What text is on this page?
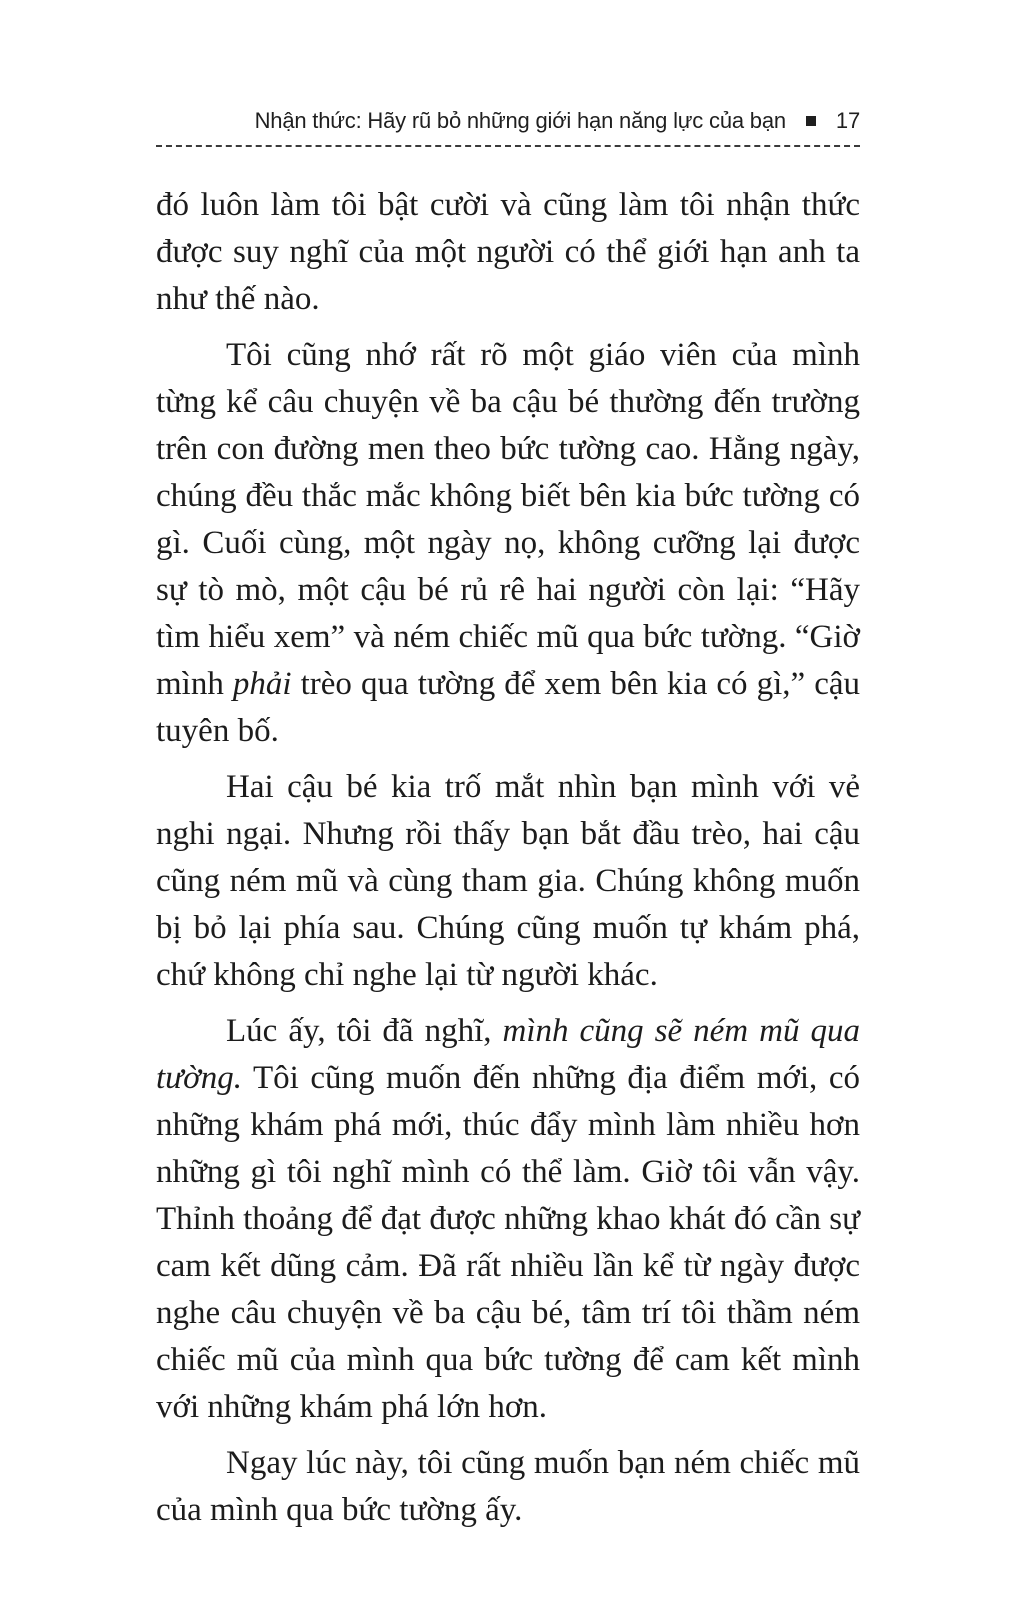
Nhận thức: Hãy rũ bỏ những giới hạn năng lực của bạn 17

đó luôn làm tôi bật cười và cũng làm tôi nhận thức được suy nghĩ của một người có thể giới hạn anh ta như thế nào.

Tôi cũng nhớ rất rõ một giáo viên của mình từng kể câu chuyện về ba cậu bé thường đến trường trên con đường men theo bức tường cao. Hằng ngày, chúng đều thắc mắc không biết bên kia bức tường có gì. Cuối cùng, một ngày nọ, không cưỡng lại được sự tò mò, một cậu bé rủ rê hai người còn lại: “Hãy tìm hiểu xem” và ném chiếc mũ qua bức tường. “Giờ mình phải trèo qua tường để xem bên kia có gì,” cậu tuyên bố.

Hai cậu bé kia trố mắt nhìn bạn mình với vẻ nghi ngại. Nhưng rồi thấy bạn bắt đầu trèo, hai cậu cũng ném mũ và cùng tham gia. Chúng không muốn bị bỏ lại phía sau. Chúng cũng muốn tự khám phá, chứ không chỉ nghe lại từ người khác.

Lúc ấy, tôi đã nghĩ, mình cũng sẽ ném mũ qua tường. Tôi cũng muốn đến những địa điểm mới, có những khám phá mới, thúc đẩy mình làm nhiều hơn những gì tôi nghĩ mình có thể làm. Giờ tôi vẫn vậy. Thỉnh thoảng để đạt được những khao khát đó cần sự cam kết dũng cảm. Đã rất nhiều lần kể từ ngày được nghe câu chuyện về ba cậu bé, tâm trí tôi thầm ném chiếc mũ của mình qua bức tường để cam kết mình với những khám phá lớn hơn.

Ngay lúc này, tôi cũng muốn bạn ném chiếc mũ của mình qua bức tường ấy.
